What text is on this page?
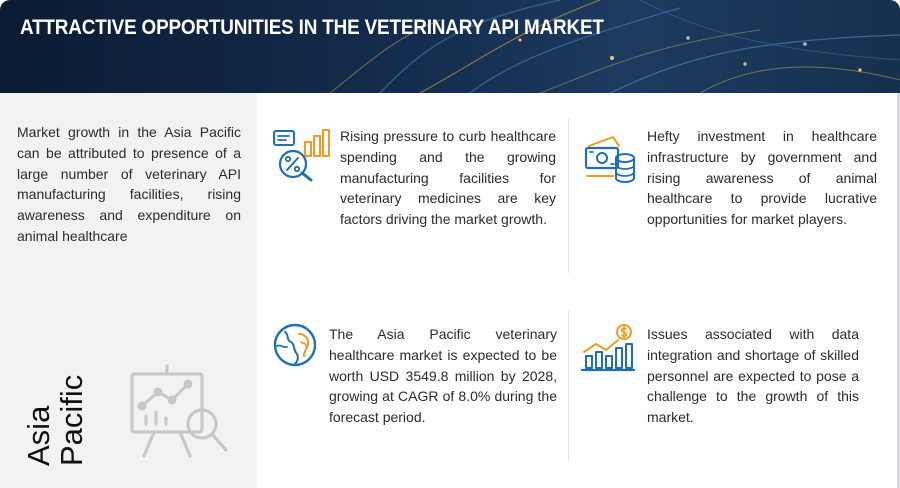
ATTRACTIVE OPPORTUNITIES IN THE VETERINARY API MARKET
Market growth in the Asia Pacific can be attributed to presence of a large number of veterinary API manufacturing facilities, rising awareness and expenditure on animal healthcare
Asia
Pacific
Rising pressure to curb healthcare spending and the growing manufacturing facilities for veterinary medicines are key factors driving the market growth.
Hefty investment in healthcare infrastructure by government and rising awareness of animal healthcare to provide lucrative opportunities for market players.
The Asia Pacific veterinary healthcare market is expected to be worth USD 3549.8 million by 2028, growing at CAGR of 8.0% during the forecast period.
Issues associated with data integration and shortage of skilled personnel are expected to pose a challenge to the growth of this market.
